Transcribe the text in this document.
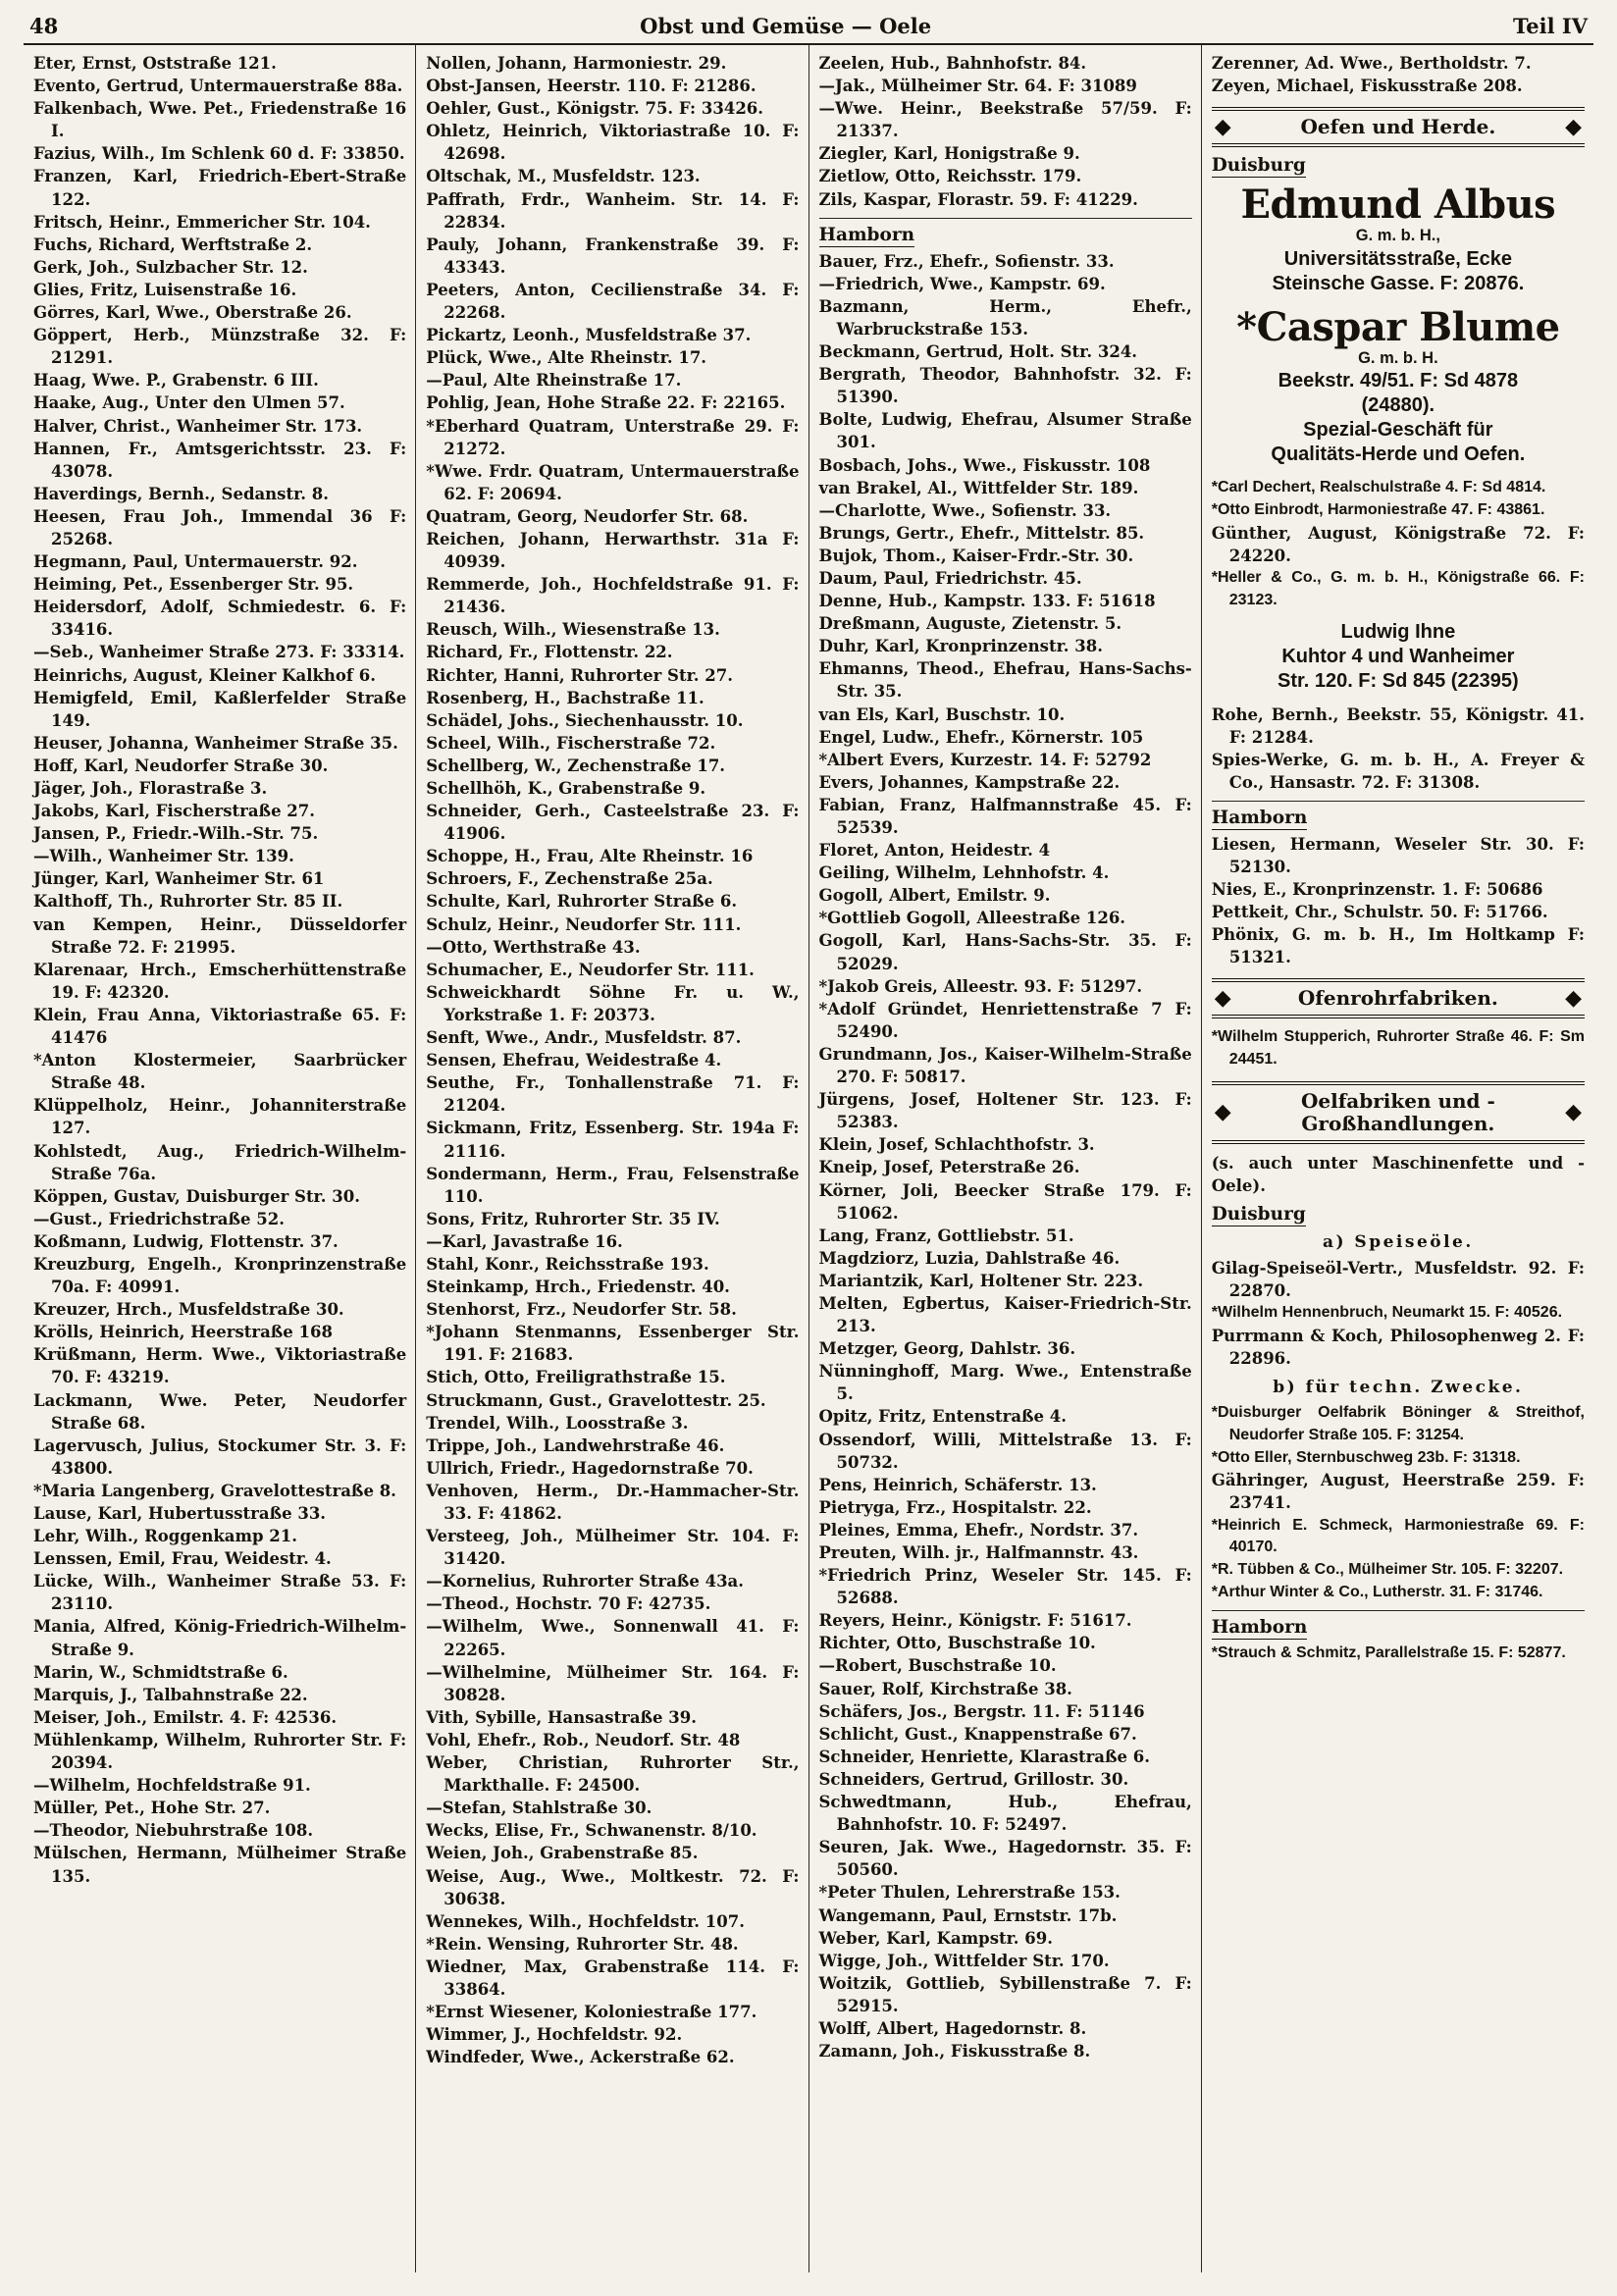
48	Obst und Gemüse — Oele	Teil IV
Eter, Ernst, Oststraße 121.
Evento, Gertrud, Untermauerstraße 88a.
Falkenbach, Wwe. Pet., Friedenstraße 16 I.
Fazius, Wilh., Im Schlenk 60 d. F: 33850.
Franzen, Karl, Friedrich-Ebert-Straße 122.
Fritsch, Heinr., Emmericher Str. 104.
Fuchs, Richard, Werftstraße 2.
Gerk, Joh., Sulzbacher Str. 12.
Glies, Fritz, Luisenstraße 16.
Görres, Karl, Wwe., Oberstraße 26.
Göppert, Herb., Münzstraße 32. F: 21291.
Haag, Wwe. P., Grabenstr. 6 III.
Haake, Aug., Unter den Ulmen 57.
Halver, Christ., Wanheimer Str. 173.
Hannen, Fr., Amtsgerichtsstr. 23. F: 43078.
Haverdings, Bernh., Sedanstr. 8.
Heesen, Frau Joh., Immendal 36 F: 25268.
Hegmann, Paul, Untermauerstr. 92.
Heiming, Pet., Essenberger Str. 95.
Heidersdorf, Adolf, Schmiedestr. 6. F: 33416.
—Seb., Wanheimer Straße 273. F: 33314.
Heinrichs, August, Kleiner Kalkhof 6.
Hemigfeld, Emil, Kaßlerfelder Straße 149.
Heuser, Johanna, Wanheimer Straße 35.
Hoff, Karl, Neudorfer Straße 30.
Jäger, Joh., Florastraße 3.
Jakobs, Karl, Fischerstraße 27.
Jansen, P., Friedr.-Wilh.-Str. 75.
—Wilh., Wanheimer Str. 139.
Jünger, Karl, Wanheimer Str. 61
Kalthoff, Th., Ruhrorter Str. 85 II.
van Kempen, Heinr., Düsseldorfer Straße 72. F: 21995.
Klarenaar, Hrch., Emscherhüttenstraße 19. F: 42320.
Klein, Frau Anna, Viktoriastraße 65. F: 41476
*Anton Klostermeier, Saarbrücker Straße 48.
Klüppelholz, Heinr., Johanniterstraße 127.
Kohlstedt, Aug., Friedrich-Wilhelm-Straße 76a.
Köppen, Gustav, Duisburger Str. 30.
—Gust., Friedrichstraße 52.
Koßmann, Ludwig, Flottenstr. 37.
Kreuzburg, Engelh., Kronprinzenstraße 70a. F: 40991.
Kreuzer, Hrch., Musfeldstraße 30.
Krölls, Heinrich, Heerstraße 168
Krüßmann, Herm. Wwe., Viktoriastraße 70. F: 43219.
Lackmann, Wwe. Peter, Neudorfer Straße 68.
Lagervusch, Julius, Stockumer Str. 3. F: 43800.
*Maria Langenberg, Gravelottestraße 8.
Lause, Karl, Hubertusstraße 33.
Lehr, Wilh., Roggenkamp 21.
Lenssen, Emil, Frau, Weidestr. 4.
Lücke, Wilh., Wanheimer Straße 53. F: 23110.
Mania, Alfred, König-Friedrich-Wilhelm-Straße 9.
Marin, W., Schmidtstraße 6.
Marquis, J., Talbahnstraße 22.
Meiser, Joh., Emilstr. 4. F: 42536.
Mühlenkamp, Wilhelm, Ruhrorter Str. F: 20394.
—Wilhelm, Hochfeldstraße 91.
Müller, Pet., Hohe Str. 27.
—Theodor, Niebuhrstraße 108.
Mülschen, Hermann, Mülheimer Straße 135.
Nollen, Johann, Harmoniestr. 29.
Obst-Jansen, Heerstr. 110. F: 21286.
Oehler, Gust., Königstr. 75. F: 33426.
Ohletz, Heinrich, Viktoriastraße 10. F: 42698.
Oltschak, M., Musfeldstr. 123.
Paffrath, Frdr., Wanheim. Str. 14. F: 22834.
Pauly, Johann, Frankenstraße 39. F: 43343.
Peeters, Anton, Cecilienstraße 34. F: 22268.
Pickartz, Leonh., Musfeldstraße 37.
Plück, Wwe., Alte Rheinstr. 17.
—Paul, Alte Rheinstraße 17.
Pohlig, Jean, Hohe Straße 22. F: 22165.
*Eberhard Quatram, Unterstraße 29. F: 21272.
*Wwe. Frdr. Quatram, Untermauerstraße 62. F: 20694.
Quatram, Georg, Neudorfer Str. 68.
Reichen, Johann, Herwarthstr. 31a F: 40939.
Remmerde, Joh., Hochfeldstraße 91. F: 21436.
Reusch, Wilh., Wiesenstraße 13.
Richard, Fr., Flottenstr. 22.
Richter, Hanni, Ruhrorter Str. 27.
Rosenberg, H., Bachstraße 11.
Schädel, Johs., Siechenhausstr. 10.
Scheel, Wilh., Fischerstraße 72.
Schellberg, W., Zechenstraße 17.
Schellhöh, K., Grabenstraße 9.
Schneider, Gerh., Casteelstraße 23. F: 41906.
Schoppe, H., Frau, Alte Rheinstr. 16
Schroers, F., Zechenstraße 25a.
Schulte, Karl, Ruhrorter Straße 6.
Schulz, Heinr., Neudorfer Str. 111.
—Otto, Werthstraße 43.
Schumacher, E., Neudorfer Str. 111.
Schweickhardt Söhne Fr. u. W., Yorkstraße 1. F: 20373.
Senft, Wwe., Andr., Musfeldstr. 87.
Sensen, Ehefrau, Weidestraße 4.
Seuthe, Fr., Tonhallenstraße 71. F: 21204.
Sickmann, Fritz, Essenberg. Str. 194a F: 21116.
Sondermann, Herm., Frau, Felsenstraße 110.
Sons, Fritz, Ruhrorter Str. 35 IV.
—Karl, Javastraße 16.
Stahl, Konr., Reichsstraße 193.
Steinkamp, Hrch., Friedenstr. 40.
Stenhorst, Frz., Neudorfer Str. 58.
*Johann Stenmanns, Essenberger Str. 191. F: 21683.
Stich, Otto, Freiligrathstraße 15.
Struckmann, Gust., Gravelottestr. 25.
Trendel, Wilh., Loosstraße 3.
Trippe, Joh., Landwehrstraße 46.
Ullrich, Friedr., Hagedornstraße 70.
Venhoven, Herm., Dr.-Hammacher-Str. 33. F: 41862.
Versteeg, Joh., Mülheimer Str. 104. F: 31420.
—Kornelius, Ruhrorter Straße 43a.
—Theod., Hochstr. 70 F: 42735.
—Wilhelm, Wwe., Sonnenwall 41. F: 22265.
—Wilhelmine, Mülheimer Str. 164. F: 30828.
Vith, Sybille, Hansastraße 39.
Vohl, Ehefr., Rob., Neudorf. Str. 48
Weber, Christian, Ruhrorter Str., Markthalle. F: 24500.
—Stefan, Stahlstraße 30.
Wecks, Elise, Fr., Schwanenstr. 8/10.
Weien, Joh., Grabenstraße 85.
Weise, Aug., Wwe., Moltkestr. 72. F: 30638.
Wennekes, Wilh., Hochfeldstr. 107.
*Rein. Wensing, Ruhrorter Str. 48.
Wiedner, Max, Grabenstraße 114. F: 33864.
*Ernst Wiesener, Koloniestraße 177.
Wimmer, J., Hochfeldstr. 92.
Windfeder, Wwe., Ackerstraße 62.
Zeelen, Hub., Bahnhofstr. 84.
—Jak., Mülheimer Str. 64. F: 31089
—Wwe. Heinr., Beekstraße 57/59. F: 21337.
Ziegler, Karl, Honigstraße 9.
Zietlow, Otto, Reichsstr. 179.
Zils, Kaspar, Florastr. 59. F: 41229.
Hamborn
Bauer, Frz., Ehefr., Sofienstr. 33.
—Friedrich, Wwe., Kampstr. 69.
Bazmann, Herm., Ehefr., Warbruckstraße 153.
Beckmann, Gertrud, Holt. Str. 324.
Bergrath, Theodor, Bahnhofstr. 32. F: 51390.
Bolte, Ludwig, Ehefrau, Alsumer Straße 301.
Bosbach, Johs., Wwe., Fiskusstr. 108
van Brakel, Al., Wittfelder Str. 189.
—Charlotte, Wwe., Sofienstr. 33.
Brungs, Gertr., Ehefr., Mittelstr. 85.
Bujok, Thom., Kaiser-Frdr.-Str. 30.
Daum, Paul, Friedrichstr. 45.
Denne, Hub., Kampstr. 133. F: 51618
Dreßmann, Auguste, Zietenstr. 5.
Duhr, Karl, Kronprinzenstr. 38.
Ehmanns, Theod., Ehefrau, Hans-Sachs-Str. 35.
van Els, Karl, Buschstr. 10.
Engel, Ludw., Ehefr., Körnerstr. 105
*Albert Evers, Kurzestr. 14. F: 52792
Evers, Johannes, Kampstraße 22.
Fabian, Franz, Halfmannstraße 45. F: 52539.
Floret, Anton, Heidestr. 4
Geiling, Wilhelm, Lehnhofstr. 4.
Gogoll, Albert, Emilstr. 9.
*Gottlieb Gogoll, Alleestraße 126.
Gogoll, Karl, Hans-Sachs-Str. 35. F: 52029.
*Jakob Greis, Alleestr. 93. F: 51297.
*Adolf Gründet, Henriettenstraße 7 F: 52490.
Grundmann, Jos., Kaiser-Wilhelm-Straße 270. F: 50817.
Jürgens, Josef, Holtener Str. 123. F: 52383.
Klein, Josef, Schlachthofstr. 3.
Kneip, Josef, Peterstraße 26.
Körner, Joli, Beecker Straße 179. F: 51062.
Lang, Franz, Gottliebstr. 51.
Magdziorz, Luzia, Dahlstraße 46.
Mariantzik, Karl, Holtener Str. 223.
Melten, Egbertus, Kaiser-Friedrich-Str. 213.
Metzger, Georg, Dahlstr. 36.
Nünninghoff, Marg. Wwe., Entenstraße 5.
Opitz, Fritz, Entenstraße 4.
Ossendorf, Willi, Mittelstraße 13. F: 50732.
Pens, Heinrich, Schäferstr. 13.
Pietryga, Frz., Hospitalstr. 22.
Pleines, Emma, Ehefr., Nordstr. 37.
Preuten, Wilh. jr., Halfmannstr. 43.
*Friedrich Prinz, Weseler Str. 145. F: 52688.
Reyers, Heinr., Königstr. F: 51617.
Richter, Otto, Buschstraße 10.
—Robert, Buschstraße 10.
Sauer, Rolf, Kirchstraße 38.
Schäfers, Jos., Bergstr. 11. F: 51146
Schlicht, Gust., Knappenstraße 67.
Schneider, Henriette, Klarastraße 6.
Schneiders, Gertrud, Grillostr. 30.
Schwedtmann, Hub., Ehefrau, Bahnhofstr. 10. F: 52497.
Seuren, Jak. Wwe., Hagedornstr. 35. F: 50560.
*Peter Thulen, Lehrerstraße 153.
Wangemann, Paul, Ernststr. 17b.
Weber, Karl, Kampstr. 69.
Wigge, Joh., Wittfelder Str. 170.
Woitzik, Gottlieb, Sybillenstraße 7. F: 52915.
Wolff, Albert, Hagedornstr. 8.
Zamann, Joh., Fiskusstraße 8.
Zerenner, Ad. Wwe., Bertholdstr. 7.
Zeyen, Michael, Fiskusstraße 208.
◆	Oefen und Herde.	◆
Duisburg
Edmund Albus
G. m. b. H.,
Universitätsstraße, Ecke
Steinsche Gasse. F: 20876.
*Caspar Blume
G. m. b. H.
Beekstr. 49/51. F: Sd 4878
(24880).
Spezial-Geschäft für
Qualitäts-Herde und Oefen.
*Carl Dechert, Realschulstraße 4. F: Sd 4814.
*Otto Einbrodt, Harmoniestraße 47. F: 43861.
Günther, August, Königstraße 72. F: 24220.
*Heller & Co., G. m. b. H., Königstraße 66. F: 23123.
Ludwig Ihne
Kuhtor 4 und Wanheimer
Str. 120. F: Sd 845 (22395)
Rohe, Bernh., Beekstr. 55, Königstr. 41. F: 21284.
Spies-Werke, G. m. b. H., A. Freyer & Co., Hansastr. 72. F: 31308.
Hamborn
Liesen, Hermann, Weseler Str. 30. F: 52130.
Nies, E., Kronprinzenstr. 1. F: 50686
Pettkeit, Chr., Schulstr. 50. F: 51766.
Phönix, G. m. b. H., Im Holtkamp F: 51321.
◆	Ofenrohrfabriken.	◆
*Wilhelm Stupperich, Ruhrorter Straße 46. F: Sm 24451.
◆	Oelfabriken und -Großhandlungen.	◆
(s. auch unter Maschinenfette und -Oele).
Duisburg
a) Speiseöle.
Gilag-Speiseöl-Vertr., Musfeldstr. 92. F: 22870.
*Wilhelm Hennenbruch, Neumarkt 15. F: 40526.
Purrmann & Koch, Philosophenweg 2. F: 22896.
b) für techn. Zwecke.
*Duisburger Oelfabrik Böninger & Streithof, Neudorfer Straße 105. F: 31254.
*Otto Eller, Sternbuschweg 23b. F: 31318.
Gähringer, August, Heerstraße 259. F: 23741.
*Heinrich E. Schmeck, Harmoniestraße 69. F: 40170.
*R. Tübben & Co., Mülheimer Str. 105. F: 32207.
*Arthur Winter & Co., Lutherstr. 31. F: 31746.
Hamborn
*Strauch & Schmitz, Parallelstraße 15. F: 52877.
